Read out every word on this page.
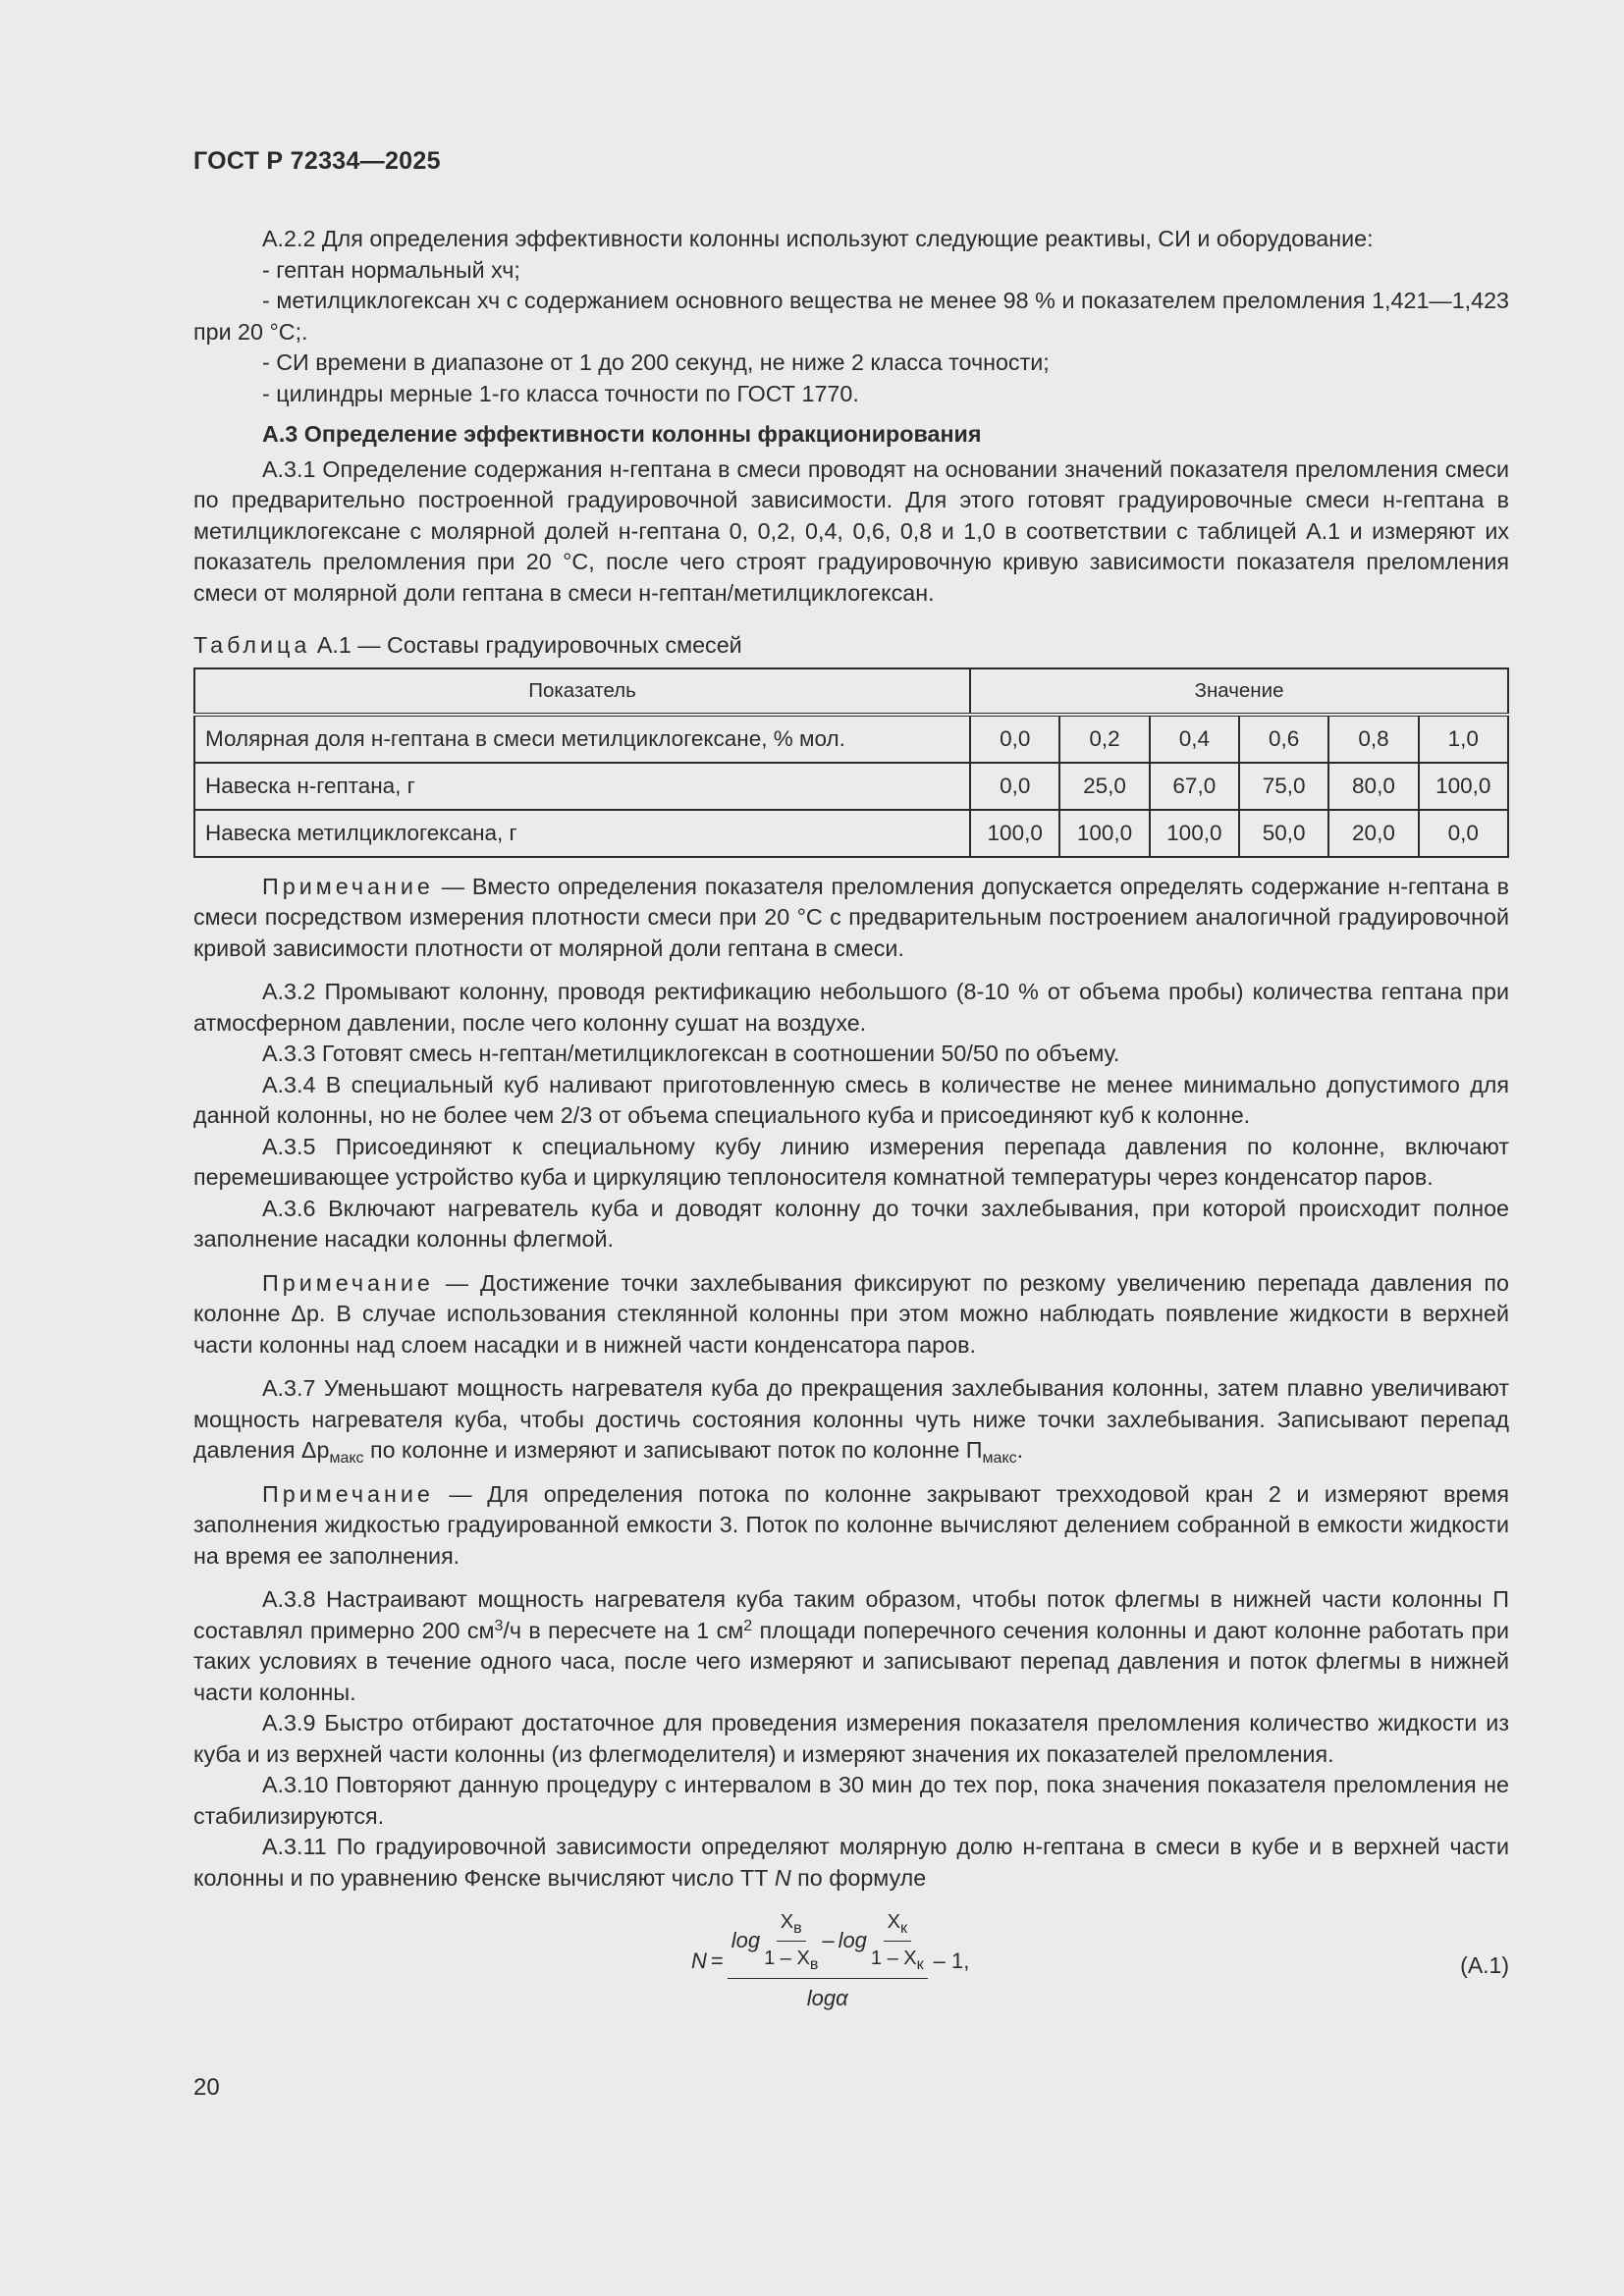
ГОСТ Р 72334—2025

А.2.2 Для определения эффективности колонны используют следующие реактивы, СИ и оборудование:

- гептан нормальный хч;

- метилциклогексан хч с содержанием основного вещества не менее 98 % и показателем преломления 1,421—1,423 при 20 °С;.

- СИ времени в диапазоне от 1 до 200 секунд, не ниже 2 класса точности;

- цилиндры мерные 1-го класса точности по ГОСТ 1770.

А.3 Определение эффективности колонны фракционирования

А.3.1 Определение содержания н-гептана в смеси проводят на основании значений показателя преломления смеси по предварительно построенной градуировочной зависимости. Для этого готовят градуировочные смеси н-гептана в метилциклогексане с молярной долей н-гептана 0, 0,2, 0,4, 0,6, 0,8 и 1,0 в соответствии с таблицей А.1 и измеряют их показатель преломления при 20 °С, после чего строят градуировочную кривую зависимости показателя преломления смеси от молярной доли гептана в смеси н-гептан/метилциклогексан.

Таблица А.1 — Составы градуировочных смесей
Показатель	Значение					
Молярная доля н-гептана в смеси метилциклогексане, % мол.	0,0	0,2	0,4	0,6	0,8	1,0
Навеска н-гептана, г	0,0	25,0	67,0	75,0	80,0	100,0
Навеска метилциклогексана, г	100,0	100,0	100,0	50,0	20,0	0,0

Примечание — Вместо определения показателя преломления допускается определять содержание н-гептана в смеси посредством измерения плотности смеси при 20 °С с предварительным построением аналогичной градуировочной кривой зависимости плотности от молярной доли гептана в смеси.

А.3.2 Промывают колонну, проводя ректификацию небольшого (8-10 % от объема пробы) количества гептана при атмосферном давлении, после чего колонну сушат на воздухе.

А.3.3 Готовят смесь н-гептан/метилциклогексан в соотношении 50/50 по объему.

А.3.4 В специальный куб наливают приготовленную смесь в количестве не менее минимально допустимого для данной колонны, но не более чем 2/3 от объема специального куба и присоединяют куб к колонне.

А.3.5 Присоединяют к специальному кубу линию измерения перепада давления по колонне, включают перемешивающее устройство куба и циркуляцию теплоносителя комнатной температуры через конденсатор паров.

А.3.6 Включают нагреватель куба и доводят колонну до точки захлебывания, при которой происходит полное заполнение насадки колонны флегмой.

Примечание — Достижение точки захлебывания фиксируют по резкому увеличению перепада давления по колонне Δp. В случае использования стеклянной колонны при этом можно наблюдать появление жидкости в верхней части колонны над слоем насадки и в нижней части конденсатора паров.

А.3.7 Уменьшают мощность нагревателя куба до прекращения захлебывания колонны, затем плавно увеличивают мощность нагревателя куба, чтобы достичь состояния колонны чуть ниже точки захлебывания. Записывают перепад давления $\Delta p_{макс}$ по колонне и измеряют и записывают поток по колонне $П_{макс}$.

Примечание — Для определения потока по колонне закрывают трехходовой кран 2 и измеряют время заполнения жидкостью градуированной емкости 3. Поток по колонне вычисляют делением собранной в емкости жидкости на время ее заполнения.

А.3.8 Настраивают мощность нагревателя куба таким образом, чтобы поток флегмы в нижней части колонны П составлял примерно 200 $см^3/ч$ в пересчете на 1 $см^2$ площади поперечного сечения колонны и дают колонне работать при таких условиях в течение одного часа, после чего измеряют и записывают перепад давления и поток флегмы в нижней части колонны.

А.3.9 Быстро отбирают достаточное для проведения измерения показателя преломления количество жидкости из куба и из верхней части колонны (из флегмоделителя) и измеряют значения их показателей преломления.

А.3.10 Повторяют данную процедуру с интервалом в 30 мин до тех пор, пока значения показателя преломления не стабилизируются.

А.3.11 По градуировочной зависимости определяют молярную долю н-гептана в смеси в кубе и в верхней части колонны и по уравнению Фенске вычисляют число ТТ N по формуле

N =
$\log \frac{X_в}{1 - X_в}$ – $\log \frac{X_к}{1 - X_к}$
logα
– 1,	(А.1)
20
